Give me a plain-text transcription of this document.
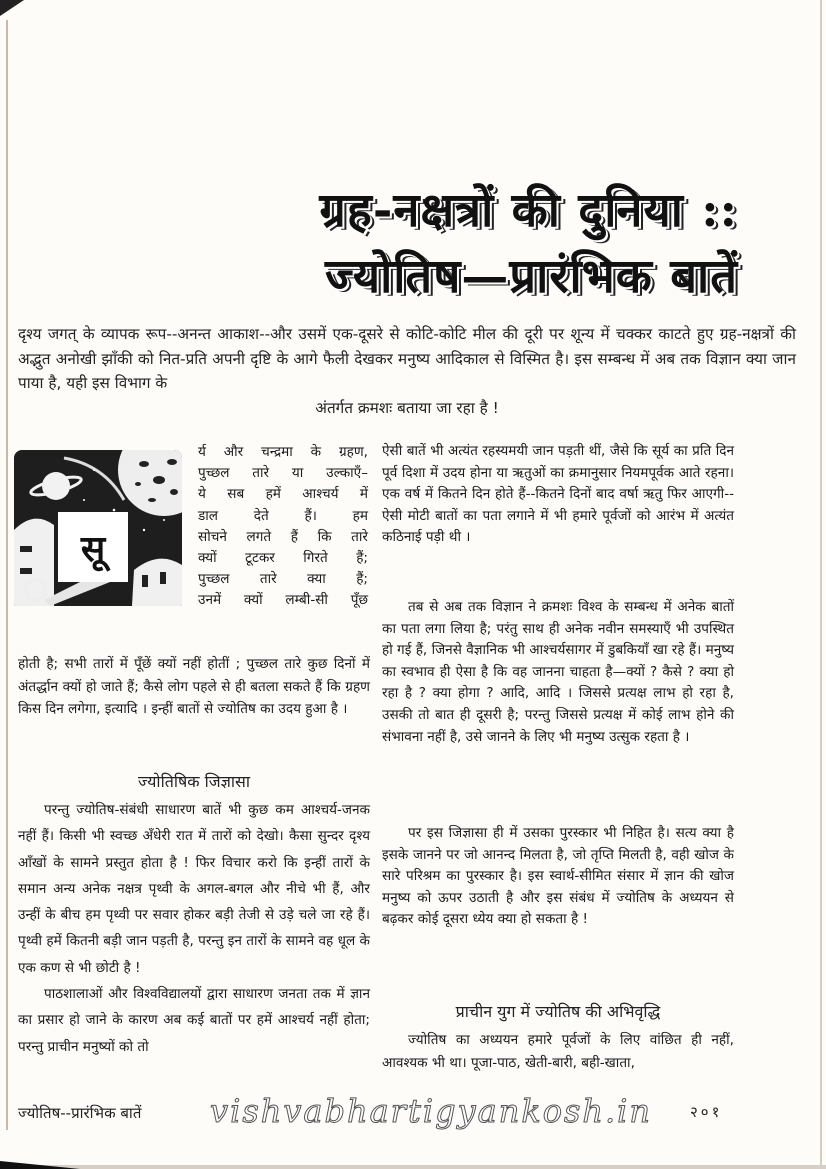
ग्रह-नक्षत्रों की दुनिया ::
ज्योतिष—प्रारंभिक बातें
दृश्य जगत् के व्यापक रूप--अनन्त आकाश--और उसमें एक-दूसरे से कोटि-कोटि मील की दूरी पर शून्य में चक्कर काटते हुए ग्रह-नक्षत्रों की अद्भुत अनोखी झाँकी को नित-प्रति अपनी दृष्टि के आगे फैली देखकर मनुष्य आदिकाल से विस्मित है। इस सम्बन्ध में अब तक विज्ञान क्या जान पाया है, यही इस विभाग के
अंतर्गत क्रमशः बताया जा रहा है !
सू

र्य और चन्द्रमा के ग्रहण,

पुच्छल तारे या उल्काएँ–

ये सब हमें आश्चर्य में

डाल देते हैं। हम

सोचने लगते हैं कि तारे

क्यों टूटकर गिरते हैं;

पुच्छल तारे क्या हैं;

उनमें क्यों लम्बी-सी पूँछ

होती है; सभी तारों में पूँछें क्यों नहीं होतीं ; पुच्छल तारे कुछ दिनों में अंतर्द्धान क्यों हो जाते हैं; कैसे लोग पहले से ही बतला सकते हैं कि ग्रहण किस दिन लगेगा, इत्यादि । इन्हीं बातों से ज्योतिष का उदय हुआ है ।

ज्योतिषिक जिज्ञासा

परन्तु ज्योतिष-संबंधी साधारण बातें भी कुछ कम आश्चर्य-जनक नहीं हैं। किसी भी स्वच्छ अँधेरी रात में तारों को देखो। कैसा सुन्दर दृश्य आँखों के सामने प्रस्तुत होता है ! फिर विचार करो कि इन्हीं तारों के समान अन्य अनेक नक्षत्र पृथ्वी के अगल-बगल और नीचे भी हैं, और उन्हीं के बीच हम पृथ्वी पर सवार होकर बड़ी तेजी से उड़े चले जा रहे हैं। पृथ्वी हमें कितनी बड़ी जान पड़ती है, परन्तु इन तारों के सामने वह धूल के एक कण से भी छोटी है !

पाठशालाओं और विश्वविद्यालयों द्वारा साधारण जनता तक में ज्ञान का प्रसार हो जाने के कारण अब कई बातों पर हमें आश्चर्य नहीं होता; परन्तु प्राचीन मनुष्यों को तो

ऐसी बातें भी अत्यंत रहस्यमयी जान पड़ती थीं, जैसे कि सूर्य का प्रति दिन पूर्व दिशा में उदय होना या ऋतुओं का क्रमानुसार नियमपूर्वक आते रहना। एक वर्ष में कितने दिन होते हैं--कितने दिनों बाद वर्षा ऋतु फिर आएगी--ऐसी मोटी बातों का पता लगाने में भी हमारे पूर्वजों को आरंभ में अत्यंत कठिनाई पड़ी थी ।

तब से अब तक विज्ञान ने क्रमशः विश्व के सम्बन्ध में अनेक बातों का पता लगा लिया है; परंतु साथ ही अनेक नवीन समस्याएँ भी उपस्थित हो गई हैं, जिनसे वैज्ञानिक भी आश्चर्यसागर में डुबकियाँ खा रहे हैं। मनुष्य का स्वभाव ही ऐसा है कि वह जानना चाहता है—क्यों ? कैसे ? क्या हो रहा है ? क्या होगा ? आदि, आदि । जिससे प्रत्यक्ष लाभ हो रहा है, उसकी तो बात ही दूसरी है; परन्तु जिससे प्रत्यक्ष में कोई लाभ होने की संभावना नहीं है, उसे जानने के लिए भी मनुष्य उत्सुक रहता है ।

पर इस जिज्ञासा ही में उसका पुरस्कार भी निहित है। सत्य क्या है इसके जानने पर जो आनन्द मिलता है, जो तृप्ति मिलती है, वही खोज के सारे परिश्रम का पुरस्कार है। इस स्वार्थ-सीमित संसार में ज्ञान की खोज मनुष्य को ऊपर उठाती है और इस संबंध में ज्योतिष के अध्ययन से बढ़कर कोई दूसरा ध्येय क्या हो सकता है !

प्राचीन युग में ज्योतिष की अभिवृद्धि

ज्योतिष का अध्ययन हमारे पूर्वजों के लिए वांछित ही नहीं, आवश्यक भी था। पूजा-पाठ, खेती-बारी, बही-खाता,

ज्योतिष--प्रारंभिक बातें vishvabhartigyankosh.in	२०१
